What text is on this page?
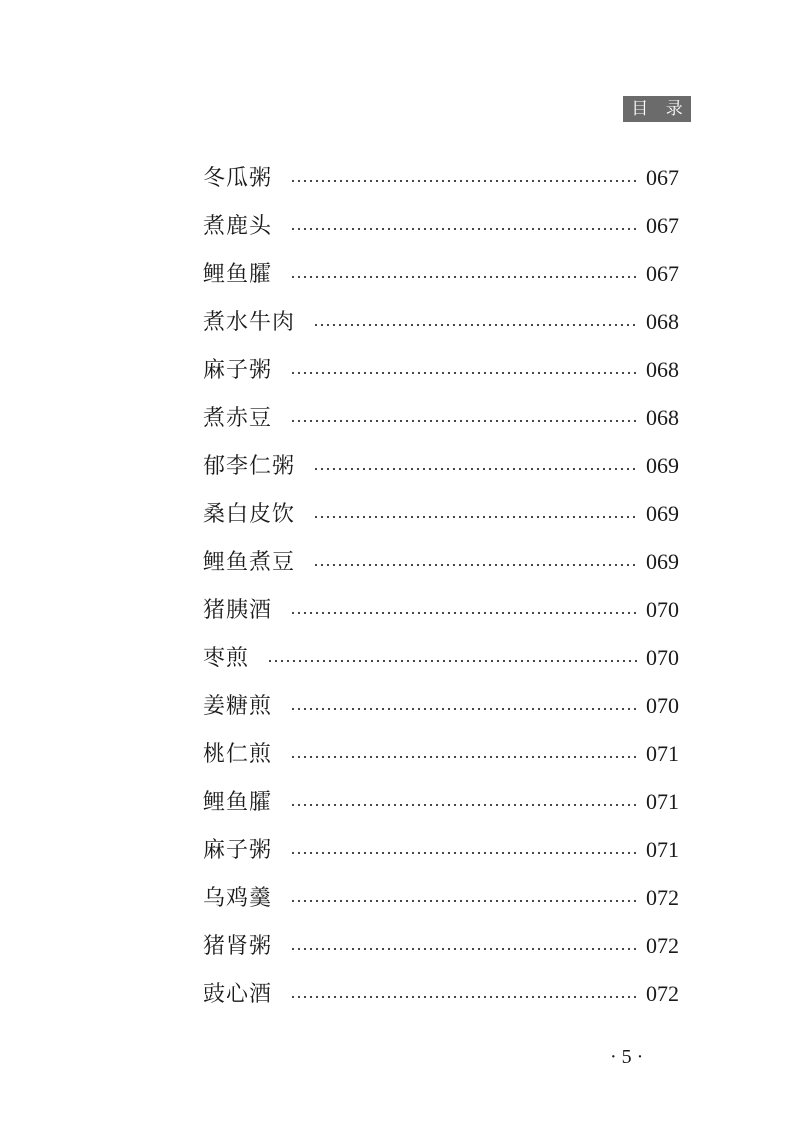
目 录
冬瓜粥	067
煮鹿头	067
鲤鱼臛	067
煮水牛肉	068
麻子粥	068
煮赤豆	068
郁李仁粥	069
桑白皮饮	069
鲤鱼煮豆	069
猪胰酒	070
枣煎	070
姜糖煎	070
桃仁煎	071
鲤鱼臛	071
麻子粥	071
乌鸡羹	072
猪肾粥	072
豉心酒	072
· 5 ·
